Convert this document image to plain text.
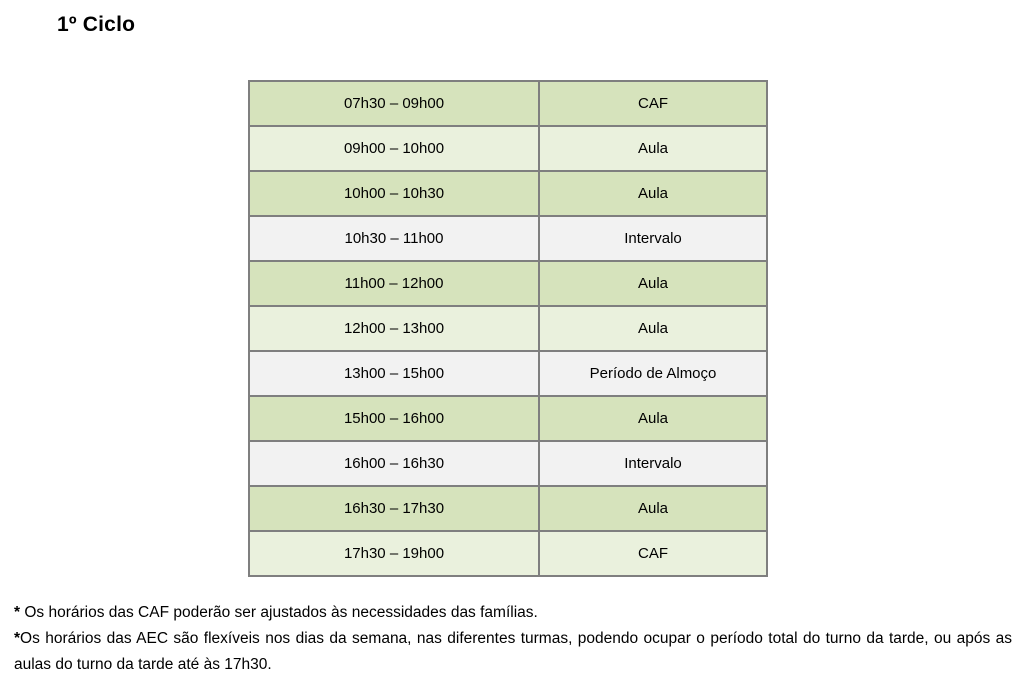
1º Ciclo
07h30 – 09h00	CAF
09h00 – 10h00	Aula
10h00 – 10h30	Aula
10h30 – 11h00	Intervalo
11h00 – 12h00	Aula
12h00 – 13h00	Aula
13h00 – 15h00	Período de Almoço
15h00 – 16h00	Aula
16h00 – 16h30	Intervalo
16h30 – 17h30	Aula
17h30 – 19h00	CAF

* Os horários das CAF poderão ser ajustados às necessidades das famílias.

*Os horários das AEC são flexíveis nos dias da semana, nas diferentes turmas, podendo ocupar o período total do turno da tarde, ou após as aulas do turno da tarde até às 17h30.
